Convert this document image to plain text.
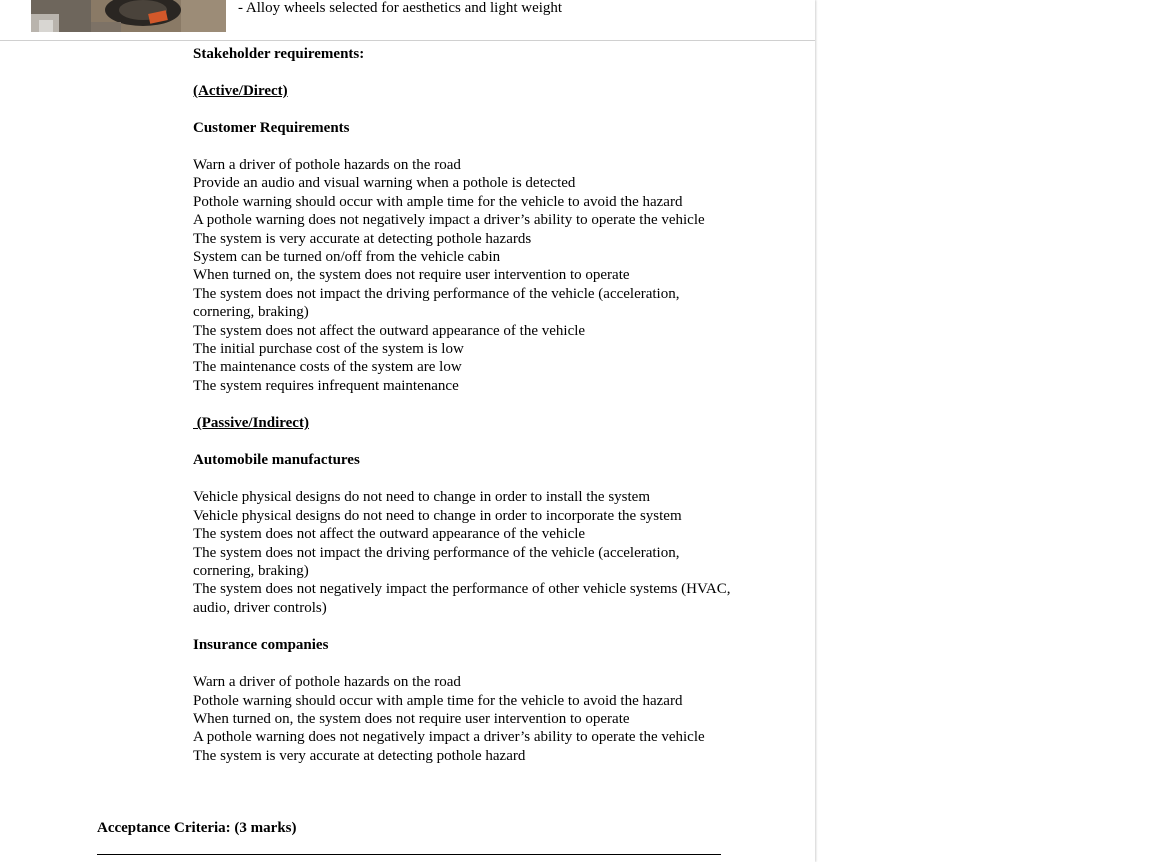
- Alloy wheels selected for aesthetics and light weight
Stakeholder requirements:
(Active/Direct)
Customer Requirements
Warn a driver of pothole hazards on the road
Provide an audio and visual warning when a pothole is detected
Pothole warning should occur with ample time for the vehicle to avoid the hazard
A pothole warning does not negatively impact a driver’s ability to operate the vehicle
The system is very accurate at detecting pothole hazards
System can be turned on/off from the vehicle cabin
When turned on, the system does not require user intervention to operate
The system does not impact the driving performance of the vehicle (acceleration, cornering, braking)
The system does not affect the outward appearance of the vehicle
The initial purchase cost of the system is low
The maintenance costs of the system are low
The system requires infrequent maintenance
(Passive/Indirect)
Automobile manufactures
Vehicle physical designs do not need to change in order to install the system
Vehicle physical designs do not need to change in order to incorporate the system
The system does not affect the outward appearance of the vehicle
The system does not impact the driving performance of the vehicle (acceleration, cornering, braking)
The system does not negatively impact the performance of other vehicle systems (HVAC, audio, driver controls)
Insurance companies
Warn a driver of pothole hazards on the road
Pothole warning should occur with ample time for the vehicle to avoid the hazard
When turned on, the system does not require user intervention to operate
A pothole warning does not negatively impact a driver’s ability to operate the vehicle
The system is very accurate at detecting pothole hazard
Acceptance Criteria: (3 marks)
